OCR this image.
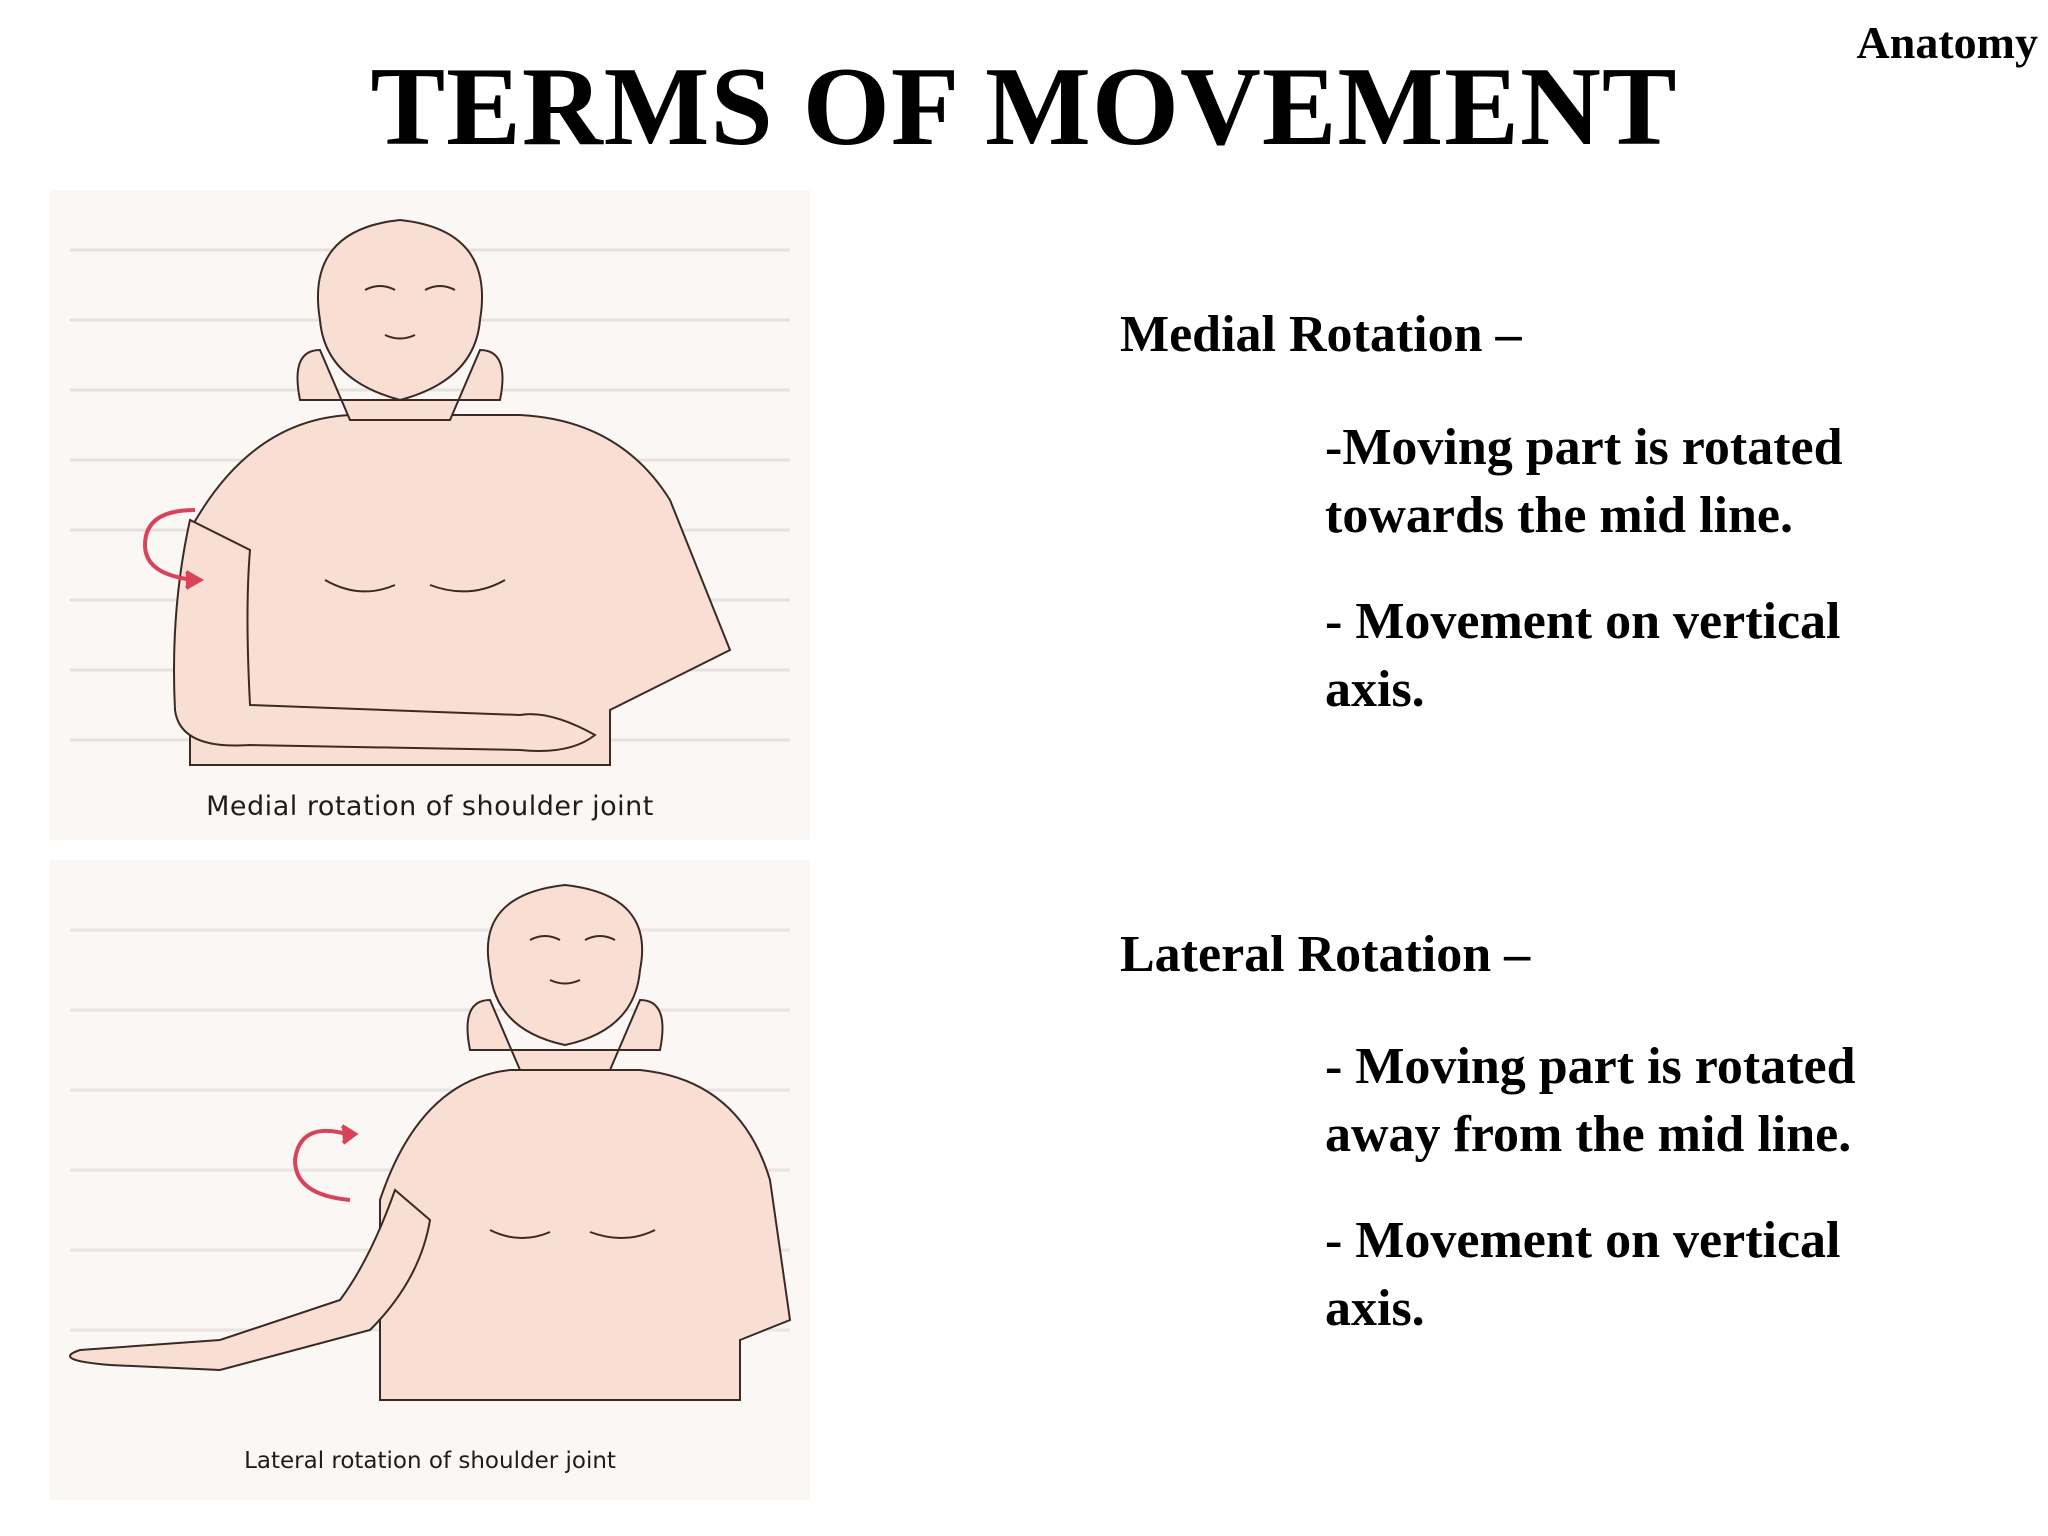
Anatomy
TERMS OF MOVEMENT
Medial rotation of shoulder joint
Lateral rotation of shoulder joint
Medial Rotation –

-Moving part is rotated towards the mid line.

- Movement on vertical axis.

Lateral Rotation –

- Moving part is rotated away from the mid line.

- Movement on vertical axis.
